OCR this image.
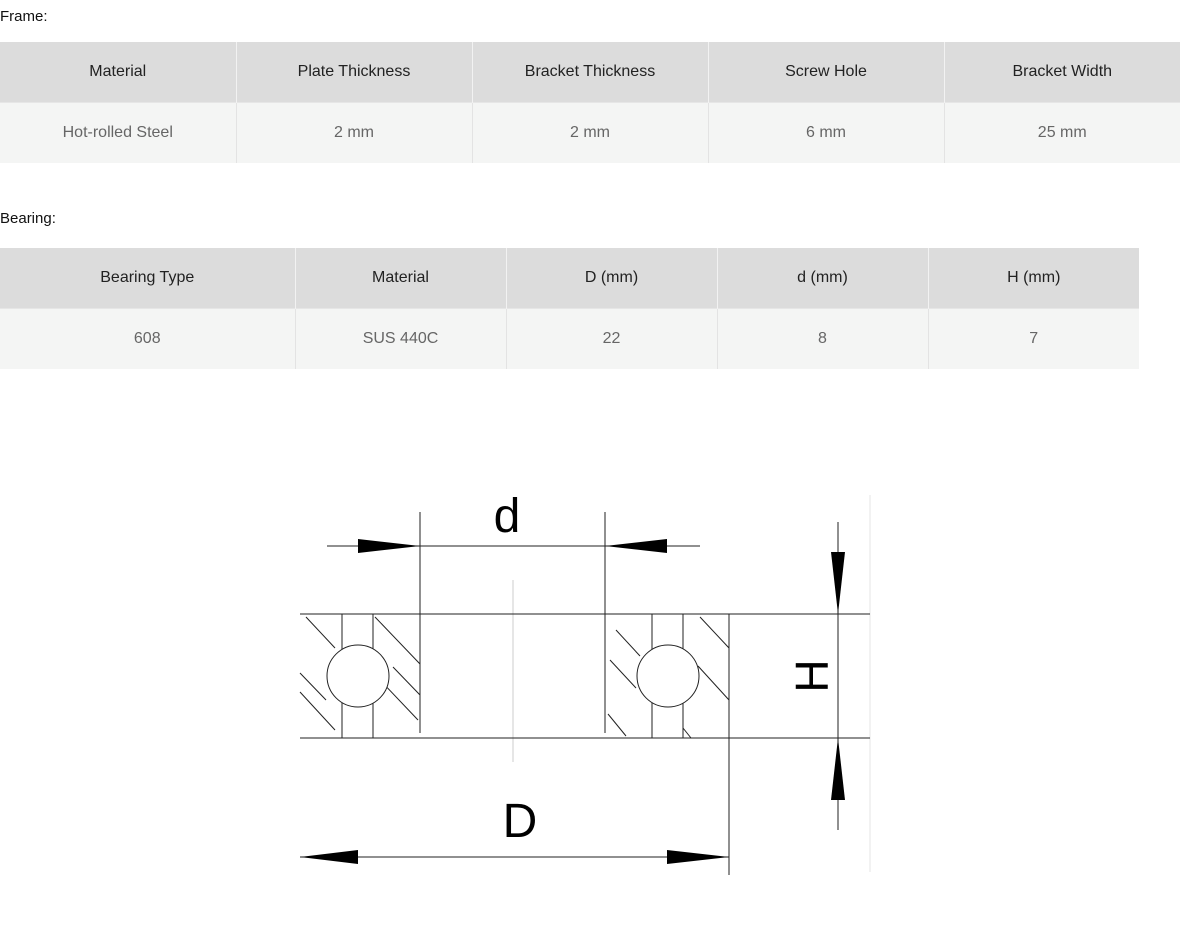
Frame:
Material	Plate Thickness	Bracket Thickness	Screw Hole	Bracket Width
Hot-rolled Steel	2 mm	2 mm	6 mm	25 mm
Bearing:
Bearing Type	Material	D (mm)	d (mm)	H (mm)
608	SUS 440C	22	8	7
d
D
H
